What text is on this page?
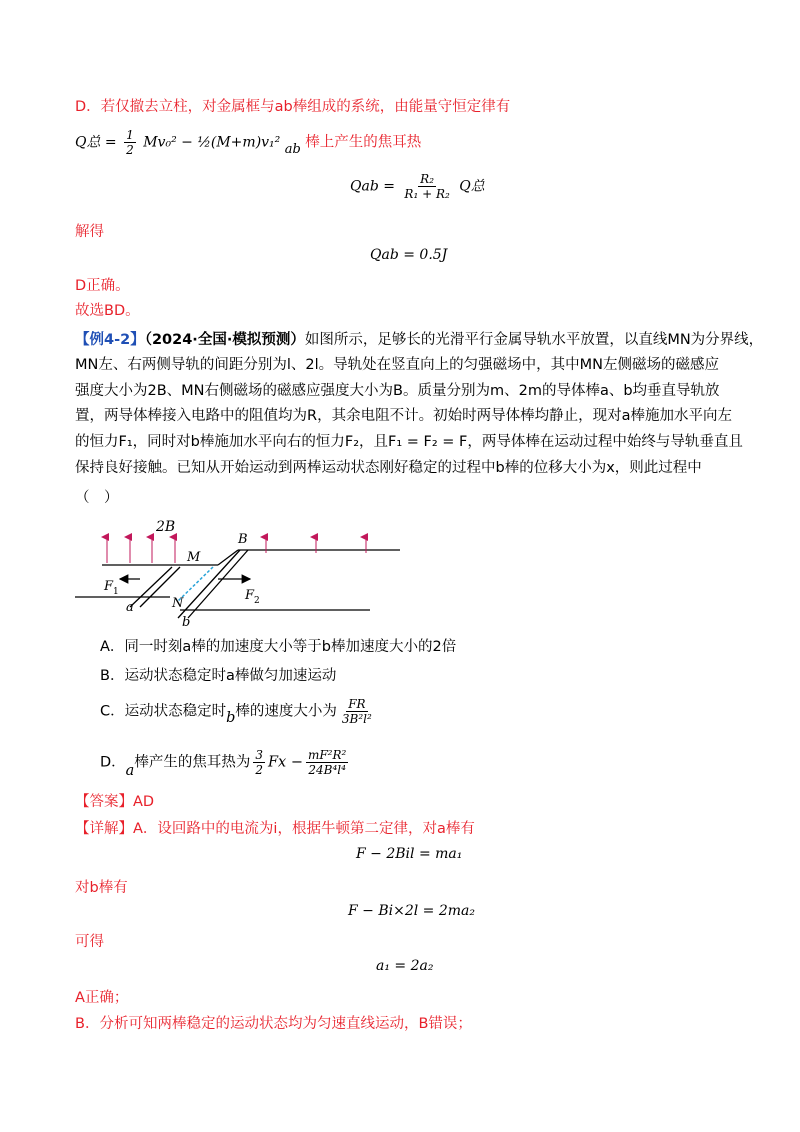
D．若仅撤去立柱，对金属框与ab棒组成的系统，由能量守恒定律有
Q总 = $\frac{1}{2} Mv_0^2$ − ½(M+m)v₁² ab 棒上产生的焦耳热
Qab = $\frac{\text{R₂}}{\text{R₁ + R₂}}$ Q总
解得
Qab = 0.5J
D正确。
故选BD。
【例4-2】（2024·全国·模拟预测）如图所示，足够长的光滑平行金属导轨水平放置，以直线MN为分界线，
MN左、右两侧导轨的间距分别为l、2l。导轨处在竖直向上的匀强磁场中，其中MN左侧磁场的磁感应
强度大小为2B、MN右侧磁场的磁感应强度大小为B。质量分别为m、2m的导体棒a、b均垂直导轨放
置，两导体棒接入电路中的阻值均为R，其余电阻不计。初始时两导体棒均静止，现对a棒施加水平向左
的恒力F₁，同时对b棒施加水平向右的恒力F₂，且F₁ = F₂ = F，两导体棒在运动过程中始终与导轨垂直且
保持良好接触。已知从开始运动到两棒运动状态刚好稳定的过程中b棒的位移大小为x，则此过程中
（　）
2B
M
B
N
a
b
F 1	F 2
A．同一时刻a棒的加速度大小等于b棒加速度大小的2倍
B．运动状态稳定时a棒做匀加速运动
C．运动状态稳定时b棒的速度大小为 $\frac{FR}{\text{3B²l²}}$
D．a棒产生的焦耳热为 $\frac{3}{2}$ $Fx - \frac{\text{mF²R²}}{\text{24B⁴l⁴}}$
【答案】AD
【详解】A．设回路中的电流为i，根据牛顿第二定律，对a棒有
F − 2Bil = ma₁
对b棒有
F − Bi×2l = 2ma₂
可得
a₁ = 2a₂
A正确；
B．分析可知两棒稳定的运动状态均为匀速直线运动，B错误；
